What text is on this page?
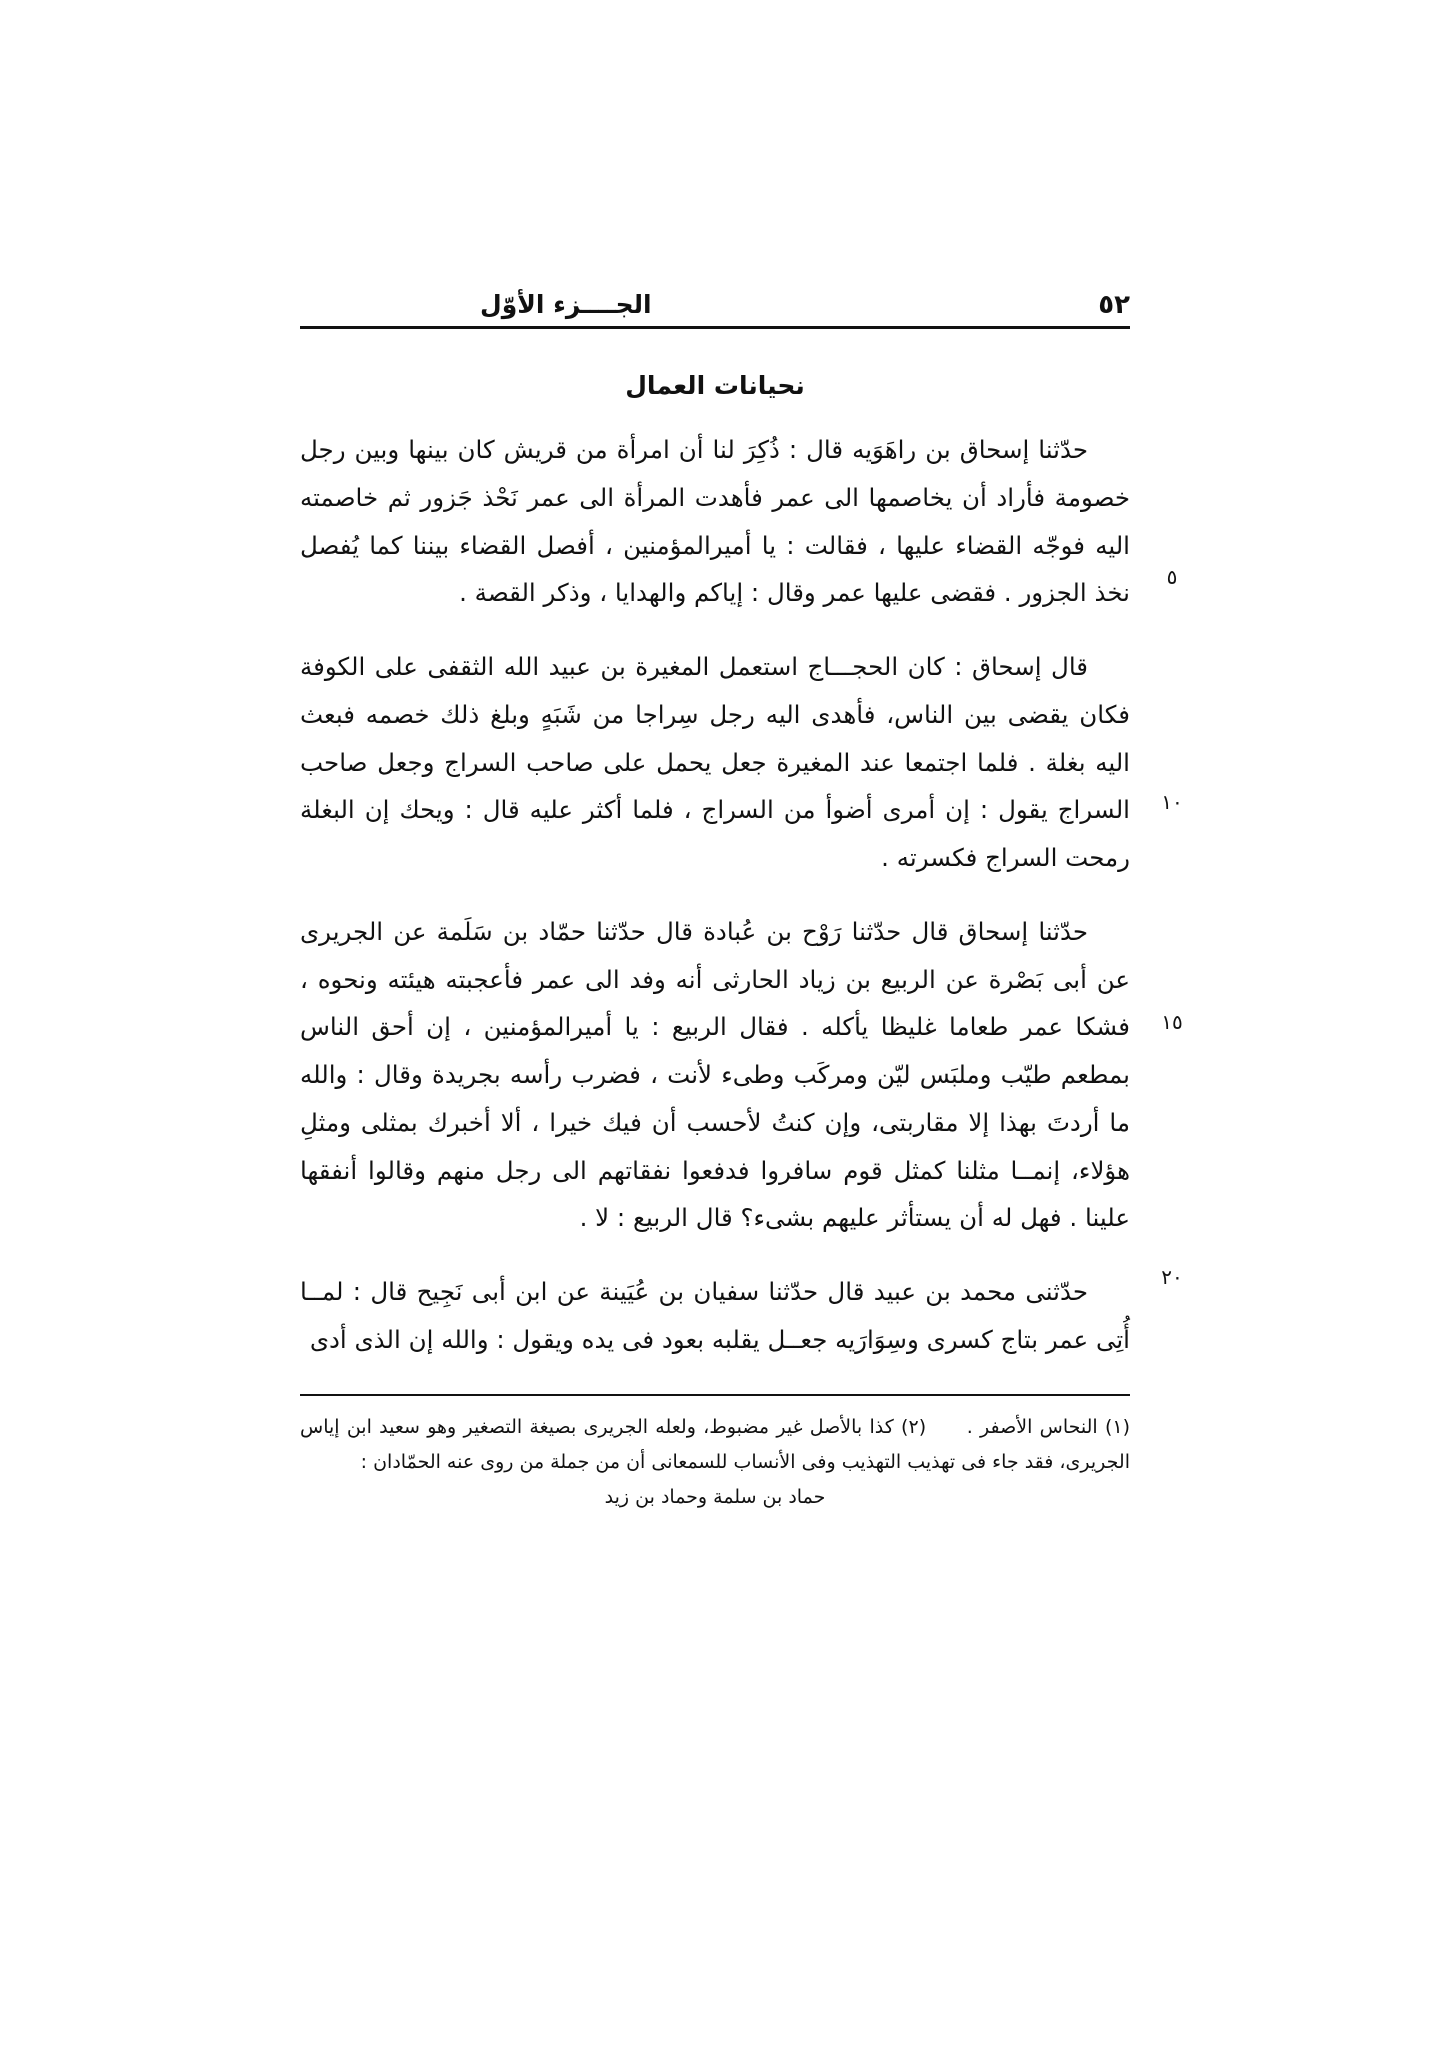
الجــــزء الأوّل	٥٢
نحيانات العمال

حدّثنا إسحاق بن راهَوَيه قال : ذُكِرَ لنا أن امرأة من قريش كان بينها وبين رجل خصومة فأراد أن يخاصمها الى عمر فأهدت المرأة الى عمر نَحْذ جَزور ثم خاصمته اليه فوجّه القضاء عليها ، فقالت : يا أميرالمؤمنين ، أفصل القضاء بيننا كما يُفصل نخذ الجزور . فقضى عليها عمر وقال : إياكم والهدايا ، وذكر القصة .

قال إسحاق : كان الحجـــاج استعمل المغيرة بن عبيد الله الثقفى على الكوفة فكان يقضى بين الناس، فأهدى اليه رجل سِراجا من شَبَهٍ وبلغ ذلك خصمه فبعث اليه بغلة . فلما اجتمعا عند المغيرة جعل يحمل على صاحب السراج وجعل صاحب السراج يقول : إن أمرى أضوأ من السراج ، فلما أكثر عليه قال : ويحك إن البغلة رمحت السراج فكسرته .

حدّثنا إسحاق قال حدّثنا رَوْح بن عُبادة قال حدّثنا حمّاد بن سَلَمة عن الجريرى عن أبى بَصْرة عن الربيع بن زياد الحارثى أنه وفد الى عمر فأعجبته هيئته ونحوه ، فشكا عمر طعاما غليظا يأكله . فقال الربيع : يا أميرالمؤمنين ، إن أحق الناس بمطعم طيّب وملبَس ليّن ومركَب وطىء لأنت ، فضرب رأسه بجريدة وقال : والله ما أردتَ بهذا إلا مقاربتى، وإن كنتُ لأحسب أن فيك خيرا ، ألا أخبرك بمثلى ومثلِ هؤلاء، إنمــا مثلنا كمثل قوم سافروا فدفعوا نفقاتهم الى رجل منهم وقالوا أنفقها علينا . فهل له أن يستأثر عليهم بشىء؟ قال الربيع : لا .

حدّثنى محمد بن عبيد قال حدّثنا سفيان بن عُيَينة عن ابن أبى نَجِيح قال : لمــا أُتِى عمر بتاج كسرى وسِوَارَيه جعــل يقلبه بعود فى يده ويقول : والله إن الذى أدى

(١) النحاس الأصفر .  (٢) كذا بالأصل غير مضبوط، ولعله الجريرى بصيغة التصغير وهو سعيد ابن إياس الجريرى، فقد جاء فى تهذيب التهذيب وفى الأنساب للسمعانى أن من جملة من روى عنه الحمّادان :
حماد بن سلمة وحماد بن زيد
٥
١٠
١٥
٢٠
